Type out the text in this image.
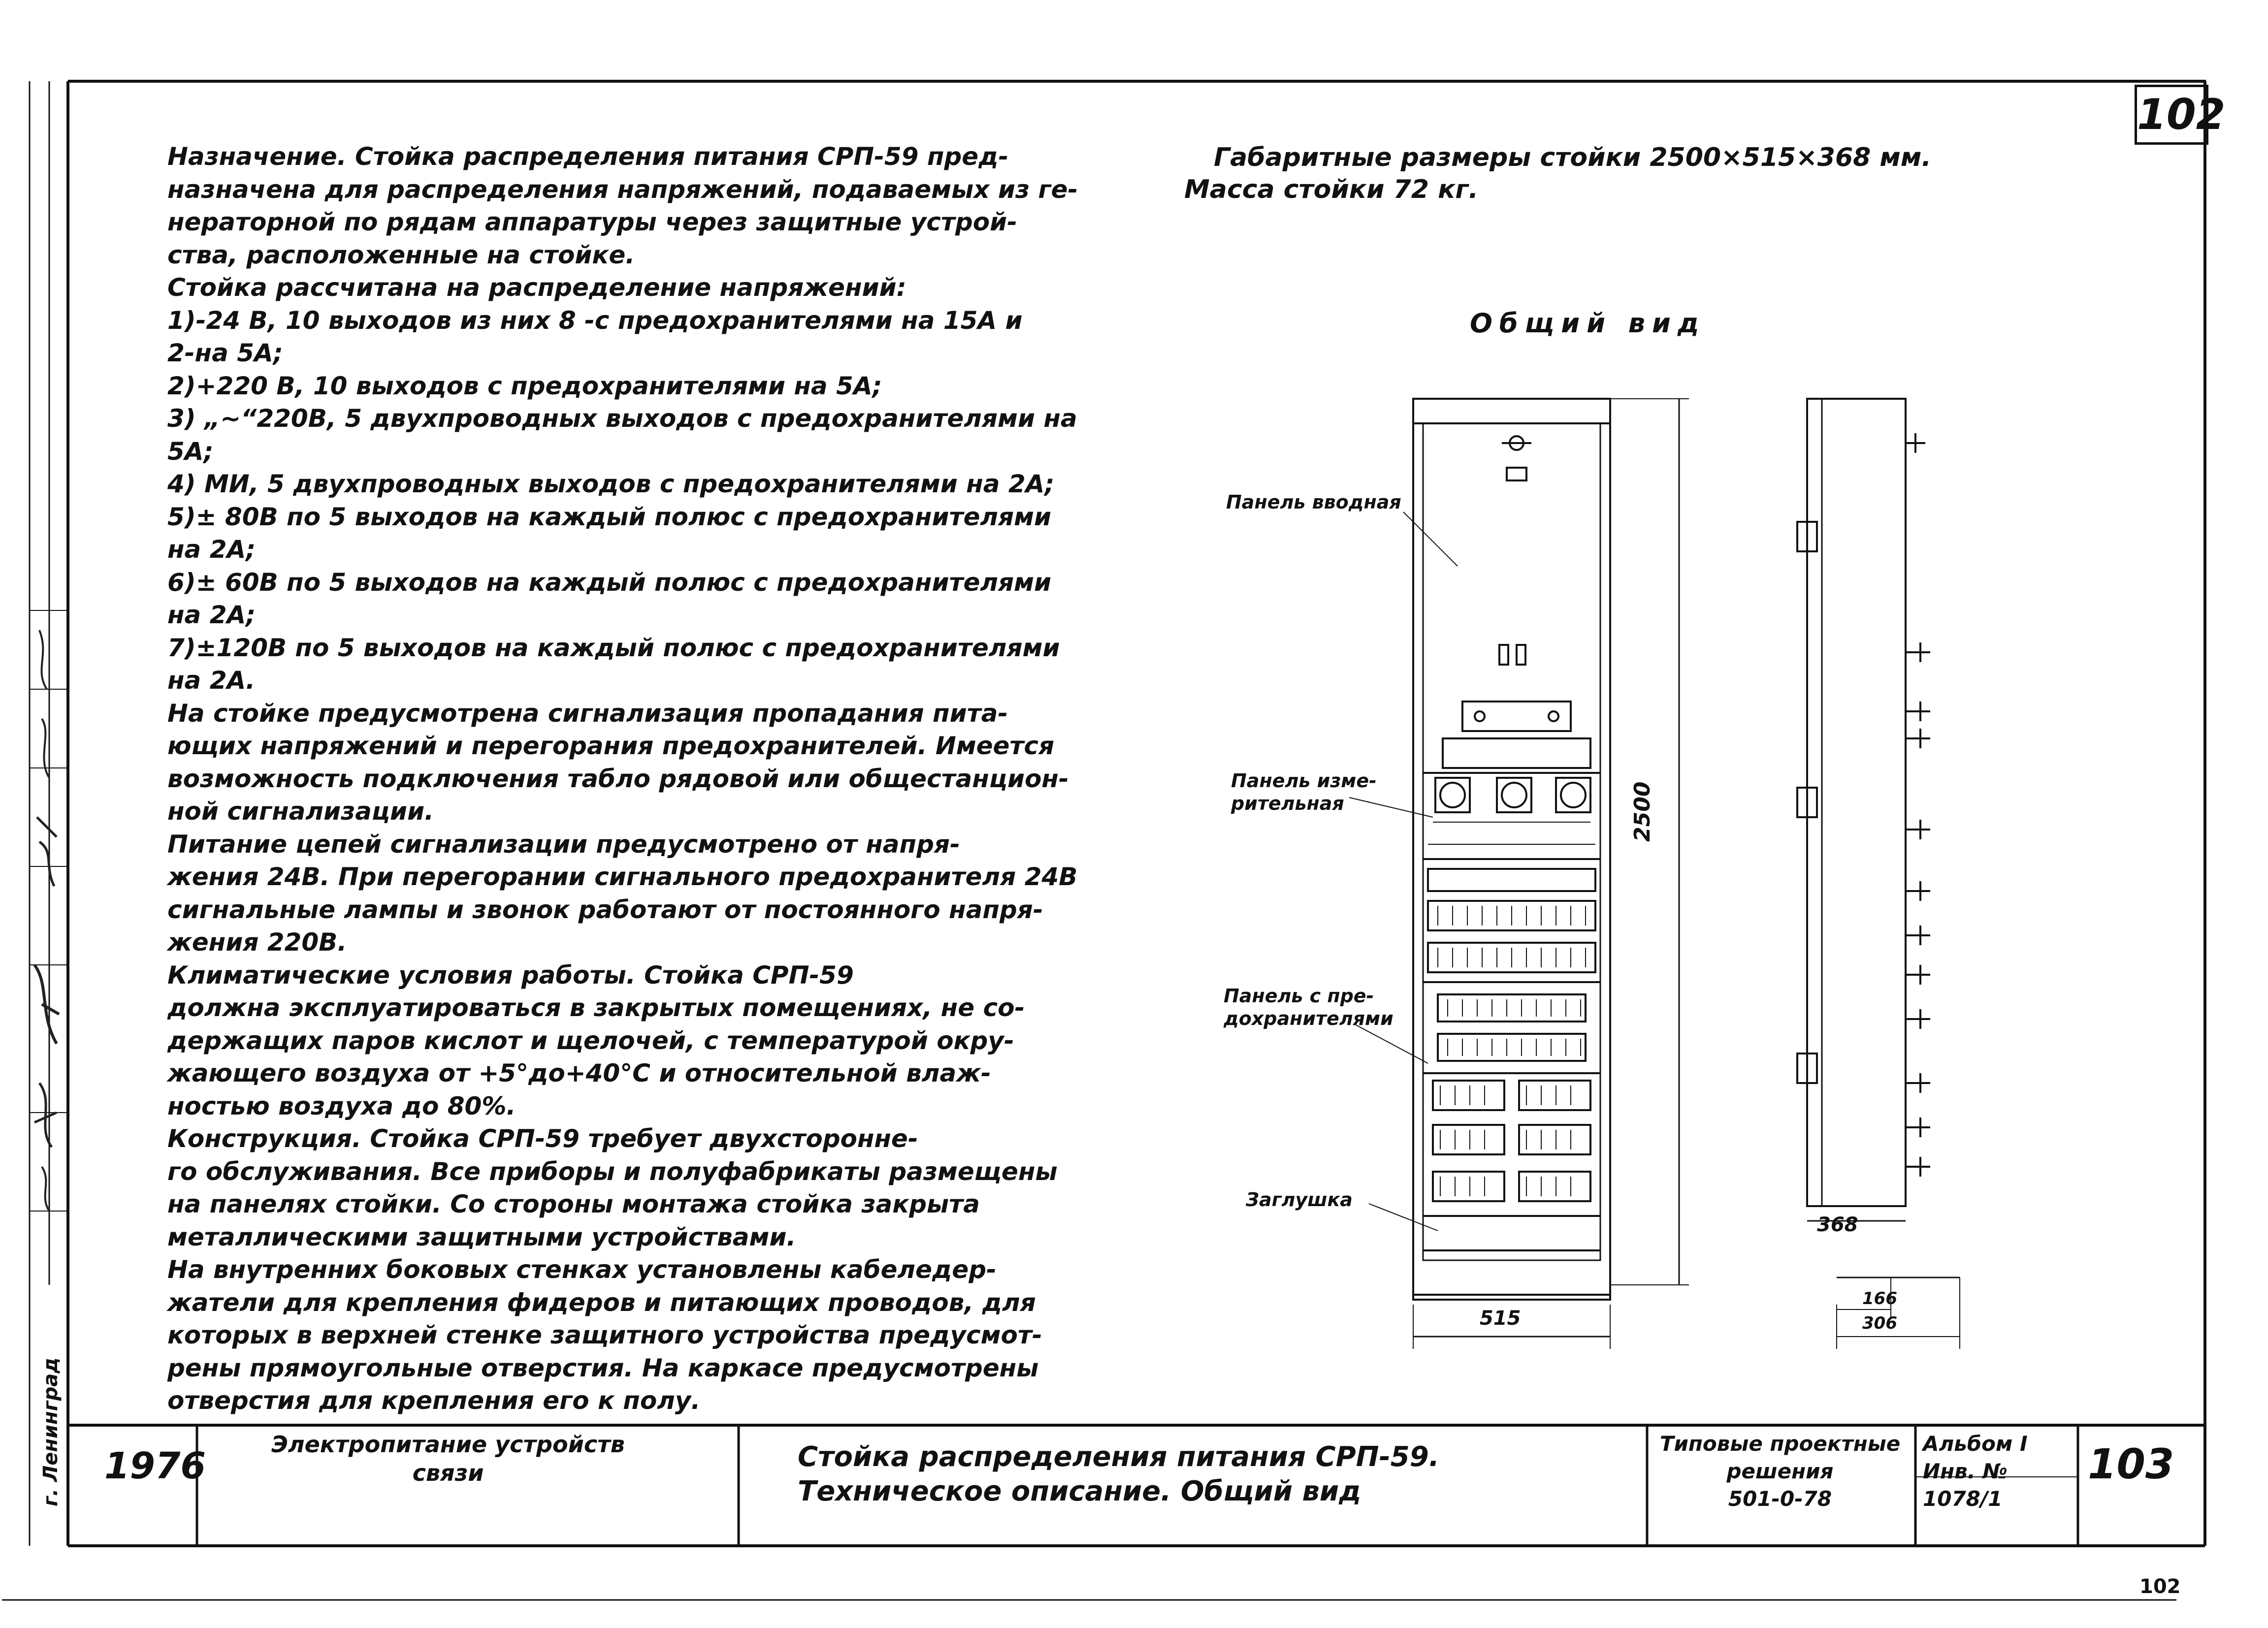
102
г. Ленинград
Назначение. Стойка распределения питания СРП-59 пред-
назначена для распределения напряжений, подаваемых из ге-
нераторной по рядам аппаратуры через защитные устрой-
ства, расположенные на стойке.
Стойка рассчитана на распределение напряжений:
1)-24 В, 10 выходов из них 8 -с предохранителями на 15А и
2-на 5А;
2)+220 В, 10 выходов с предохранителями на 5А;
3) „~“220В, 5 двухпроводных выходов с предохранителями на 5А;
4) МИ, 5 двухпроводных выходов с предохранителями на 2А;
5)± 80В по 5 выходов на каждый полюс с предохранителями
на 2А;
6)± 60В по 5 выходов на каждый полюс с предохранителями
на 2А;
7)±120В по 5 выходов на каждый полюс с предохранителями
на 2А.
На стойке предусмотрена сигнализация пропадания пита-
ющих напряжений и перегорания предохранителей. Имеется
возможность подключения табло рядовой или общестанцион-
ной сигнализации.
Питание цепей сигнализации предусмотрено от напря-
жения 24В. При перегорании сигнального предохранителя 24В
сигнальные лампы и звонок работают от постоянного напря-
жения 220В.
Климатические условия работы. Стойка СРП-59
должна эксплуатироваться в закрытых помещениях, не со-
держащих паров кислот и щелочей, с температурой окру-
жающего воздуха от +5°до+40°С и относительной влаж-
ностью воздуха до 80%.
Конструкция. Стойка СРП-59 требует двухстороннe-
го обслуживания. Все приборы и полуфабрикаты размещены
на панелях стойки. Со стороны монтажа стойка закрыта
металлическими защитными устройствами.
На внутренних боковых стенках установлены кабеледер-
жатели для крепления фидеров и питающих проводов, для
которых в верхней стенке защитного устройства предусмот-
рены прямоугольные отверстия. На каркасе предусмотрены
отверстия для крепления его к полу.
Габаритные размеры стойки 2500×515×368 мм.
Масса стойки 72 кг.
Общий вид
Панель вводная
Панель изме-
рительная
Панель с пре-
дохранителями
Заглушка
2500
515
368
166
306
1976
Электропитание устройств
связи	Стойка распределения питания СРП-59.
Техническое описание. Общий вид
Типовые проектные
решения
501-0-78
Альбом I
Инв. №
1078/1
103
102
